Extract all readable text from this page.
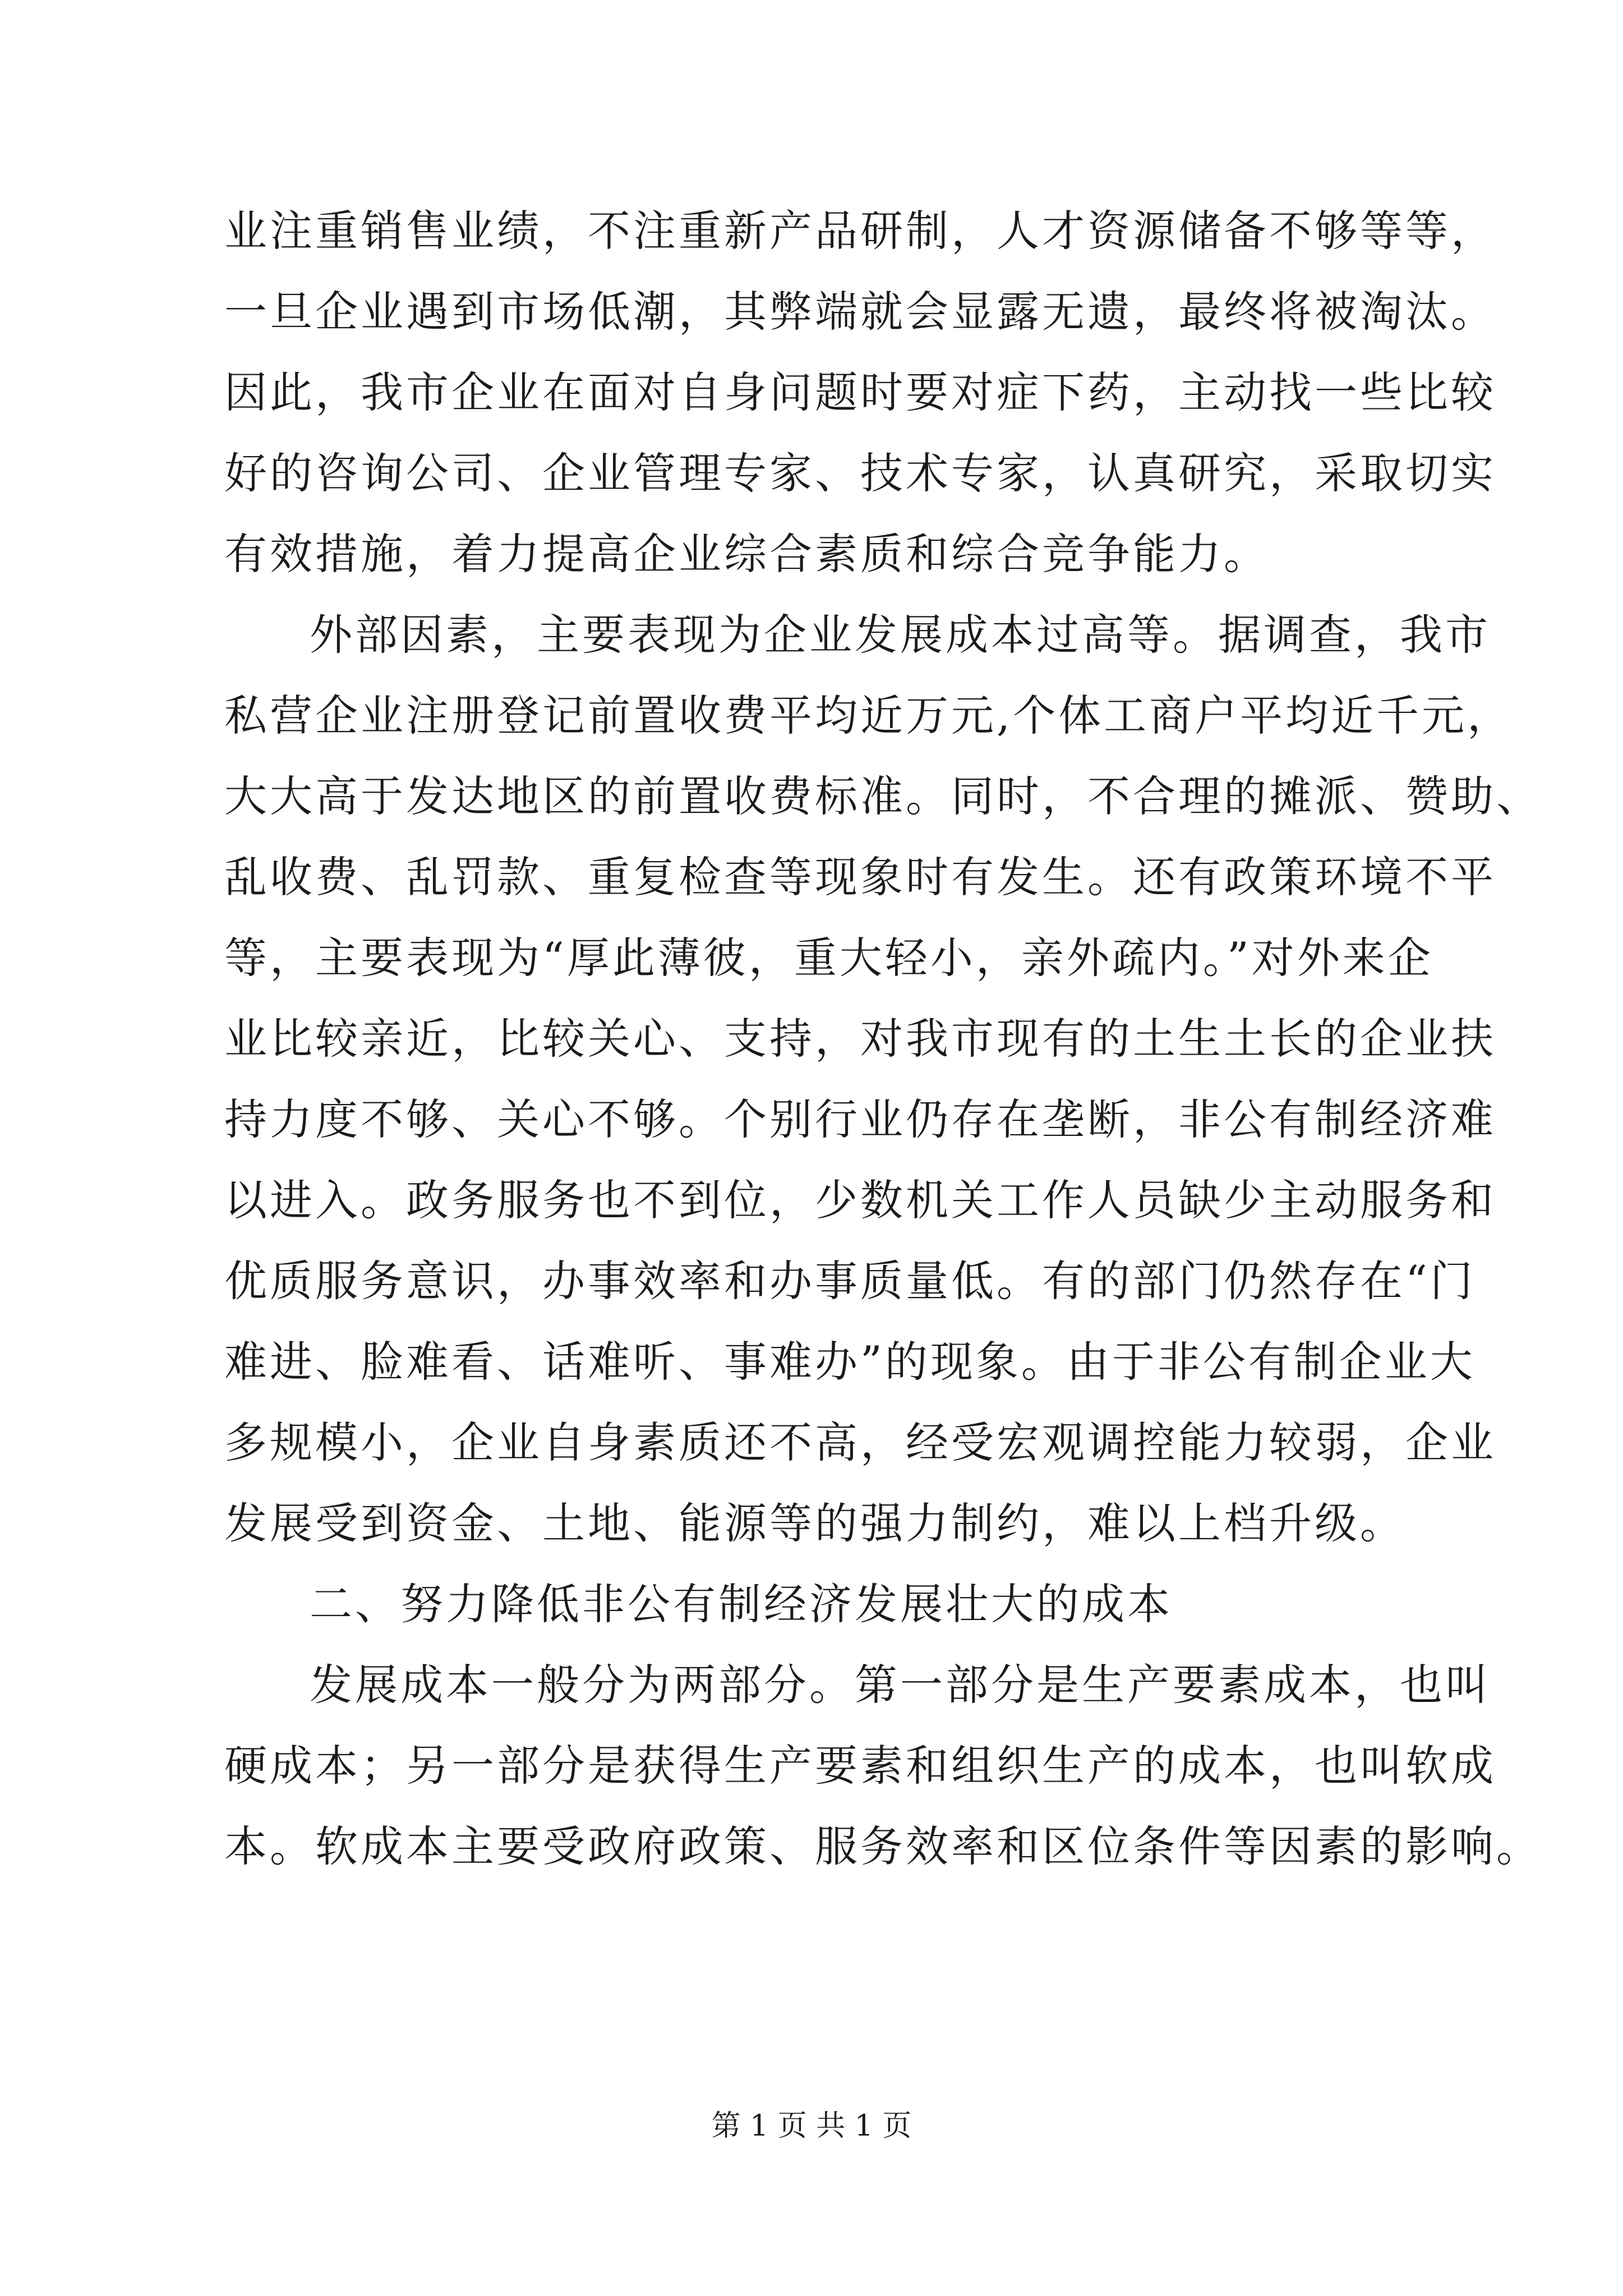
业注重销售业绩，不注重新产品研制，人才资源储备不够等等，
一旦企业遇到市场低潮，其弊端就会显露无遗，最终将被淘汰。
因此，我市企业在面对自身问题时要对症下药，主动找一些比较
好的咨询公司、企业管理专家、技术专家，认真研究，采取切实
有效措施，着力提高企业综合素质和综合竞争能力。
外部因素，主要表现为企业发展成本过高等。据调查，我市
私营企业注册登记前置收费平均近万元,个体工商户平均近千元，
大大高于发达地区的前置收费标准。同时，不合理的摊派、赞助、
乱收费、乱罚款、重复检查等现象时有发生。还有政策环境不平
等，主要表现为“厚此薄彼，重大轻小，亲外疏内。”对外来企
业比较亲近，比较关心、支持，对我市现有的土生土长的企业扶
持力度不够、关心不够。个别行业仍存在垄断，非公有制经济难
以进入。政务服务也不到位，少数机关工作人员缺少主动服务和
优质服务意识，办事效率和办事质量低。有的部门仍然存在“门
难进、脸难看、话难听、事难办”的现象。由于非公有制企业大
多规模小，企业自身素质还不高，经受宏观调控能力较弱，企业
发展受到资金、土地、能源等的强力制约，难以上档升级。
二、努力降低非公有制经济发展壮大的成本
发展成本一般分为两部分。第一部分是生产要素成本，也叫
硬成本；另一部分是获得生产要素和组织生产的成本，也叫软成
本。软成本主要受政府政策、服务效率和区位条件等因素的影响。
第 1 页 共 1 页
